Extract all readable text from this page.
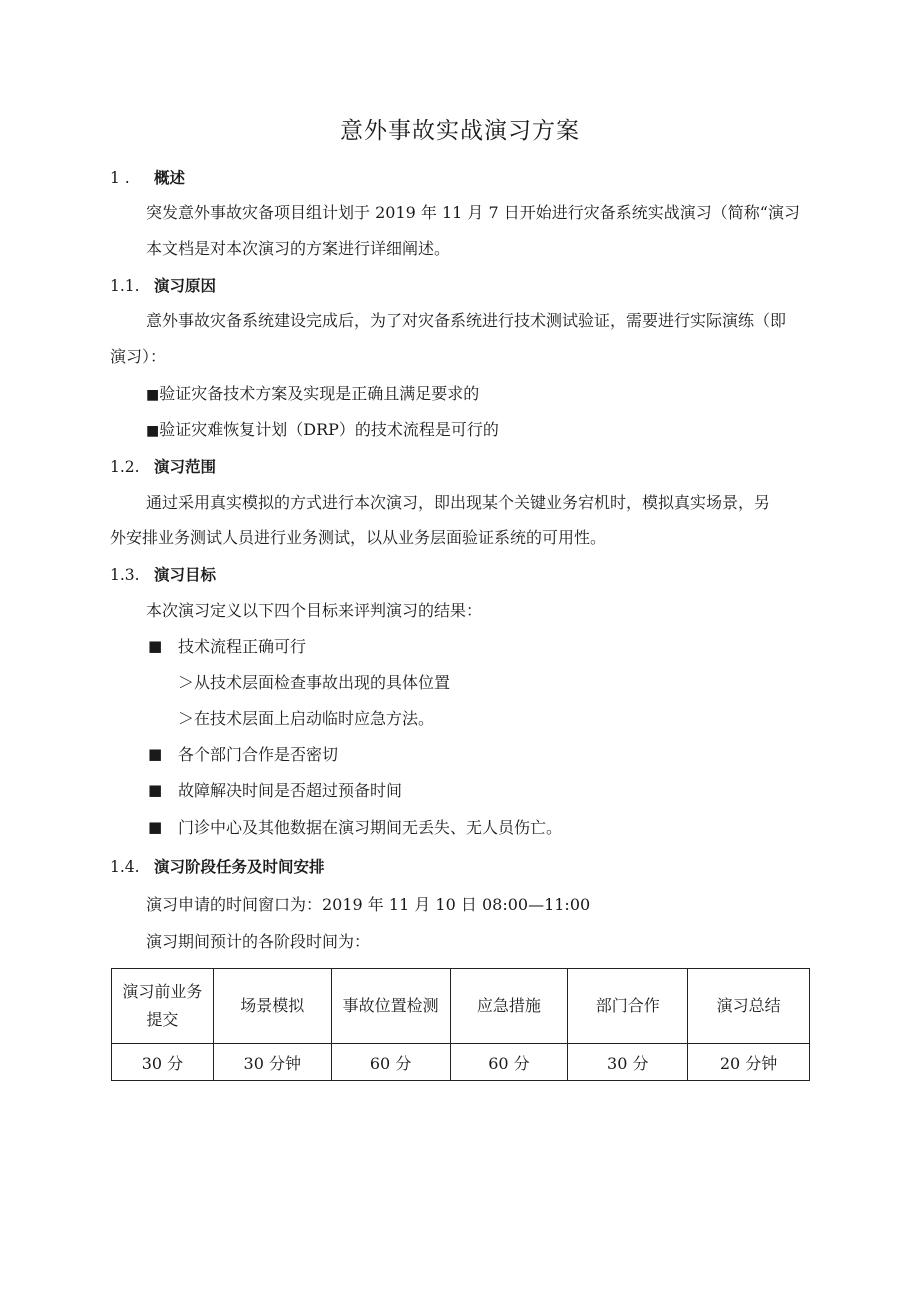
意外事故实战演习方案
1 . 概述
突发意外事故灾备项目组计划于 2019 年 11 月 7 日开始进行灾备系统实战演习（简称“演习
本文档是对本次演习的方案进行详细阐述。
1.1. 演习原因
意外事故灾备系统建设完成后，为了对灾备系统进行技术测试验证，需要进行实际演练（即
演习）：
■验证灾备技术方案及实现是正确且满足要求的
■验证灾难恢复计划（DRP）的技术流程是可行的
1.2. 演习范围
通过采用真实模拟的方式进行本次演习，即出现某个关键业务宕机时，模拟真实场景，另
外安排业务测试人员进行业务测试，以从业务层面验证系统的可用性。
1.3. 演习目标
本次演习定义以下四个目标来评判演习的结果：
■ 技术流程正确可行
＞从技术层面检查事故出现的具体位置
＞在技术层面上启动临时应急方法。
■ 各个部门合作是否密切
■ 故障解决时间是否超过预备时间
■ 门诊中心及其他数据在演习期间无丢失、无人员伤亡。
1.4. 演习阶段任务及时间安排
演习申请的时间窗口为：2019 年 11 月 10 日 08:00—11:00
演习期间预计的各阶段时间为：
演习前业务提交	场景模拟	事故位置检测	应急措施	部门合作	演习总结
30 分	30 分钟	60 分	60 分	30 分	20 分钟
